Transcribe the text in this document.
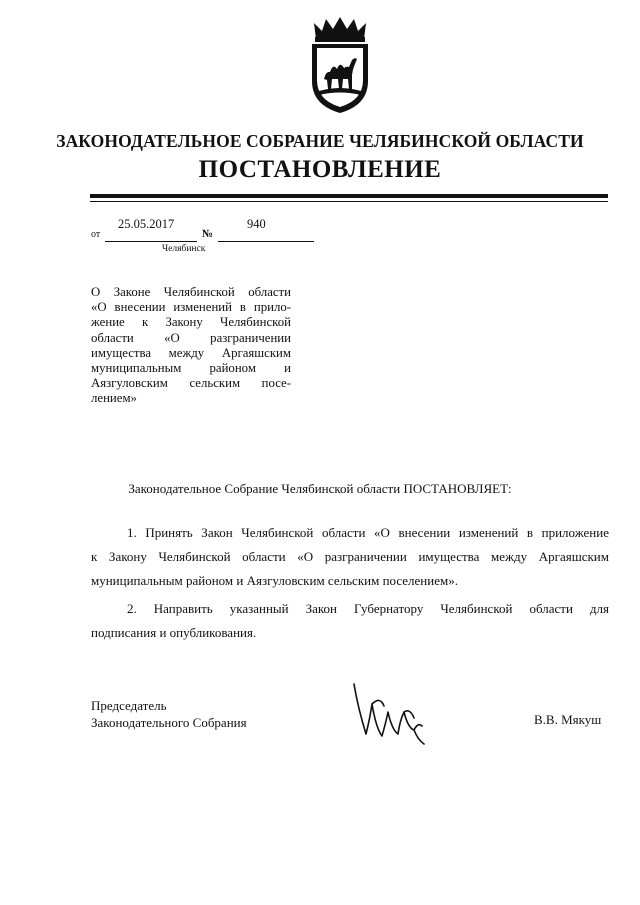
ЗАКОНОДАТЕЛЬНОЕ СОБРАНИЕ ЧЕЛЯБИНСКОЙ ОБЛАСТИ
ПОСТАНОВЛЕНИЕ
от
25.05.2017
№
940
Челябинск
О Законе Челябинской области
«О внесении изменений в прило-
жение к Закону Челябинской
области «О разграничении
имущества между Аргаяшским
муниципальным районом и
Аязгуловским сельским посе-
лением»
Законодательное Собрание Челябинской области ПОСТАНОВЛЯЕТ:
1. Принять Закон Челябинской области «О внесении изменений в приложение
к Закону Челябинской области «О разграничении имущества между Аргаяшским
муниципальным районом и Аязгуловским сельским поселением».
2. Направить указанный Закон Губернатору Челябинской области для
подписания и опубликования.
Председатель
Законодательного Собрания	В.В. Мякуш
